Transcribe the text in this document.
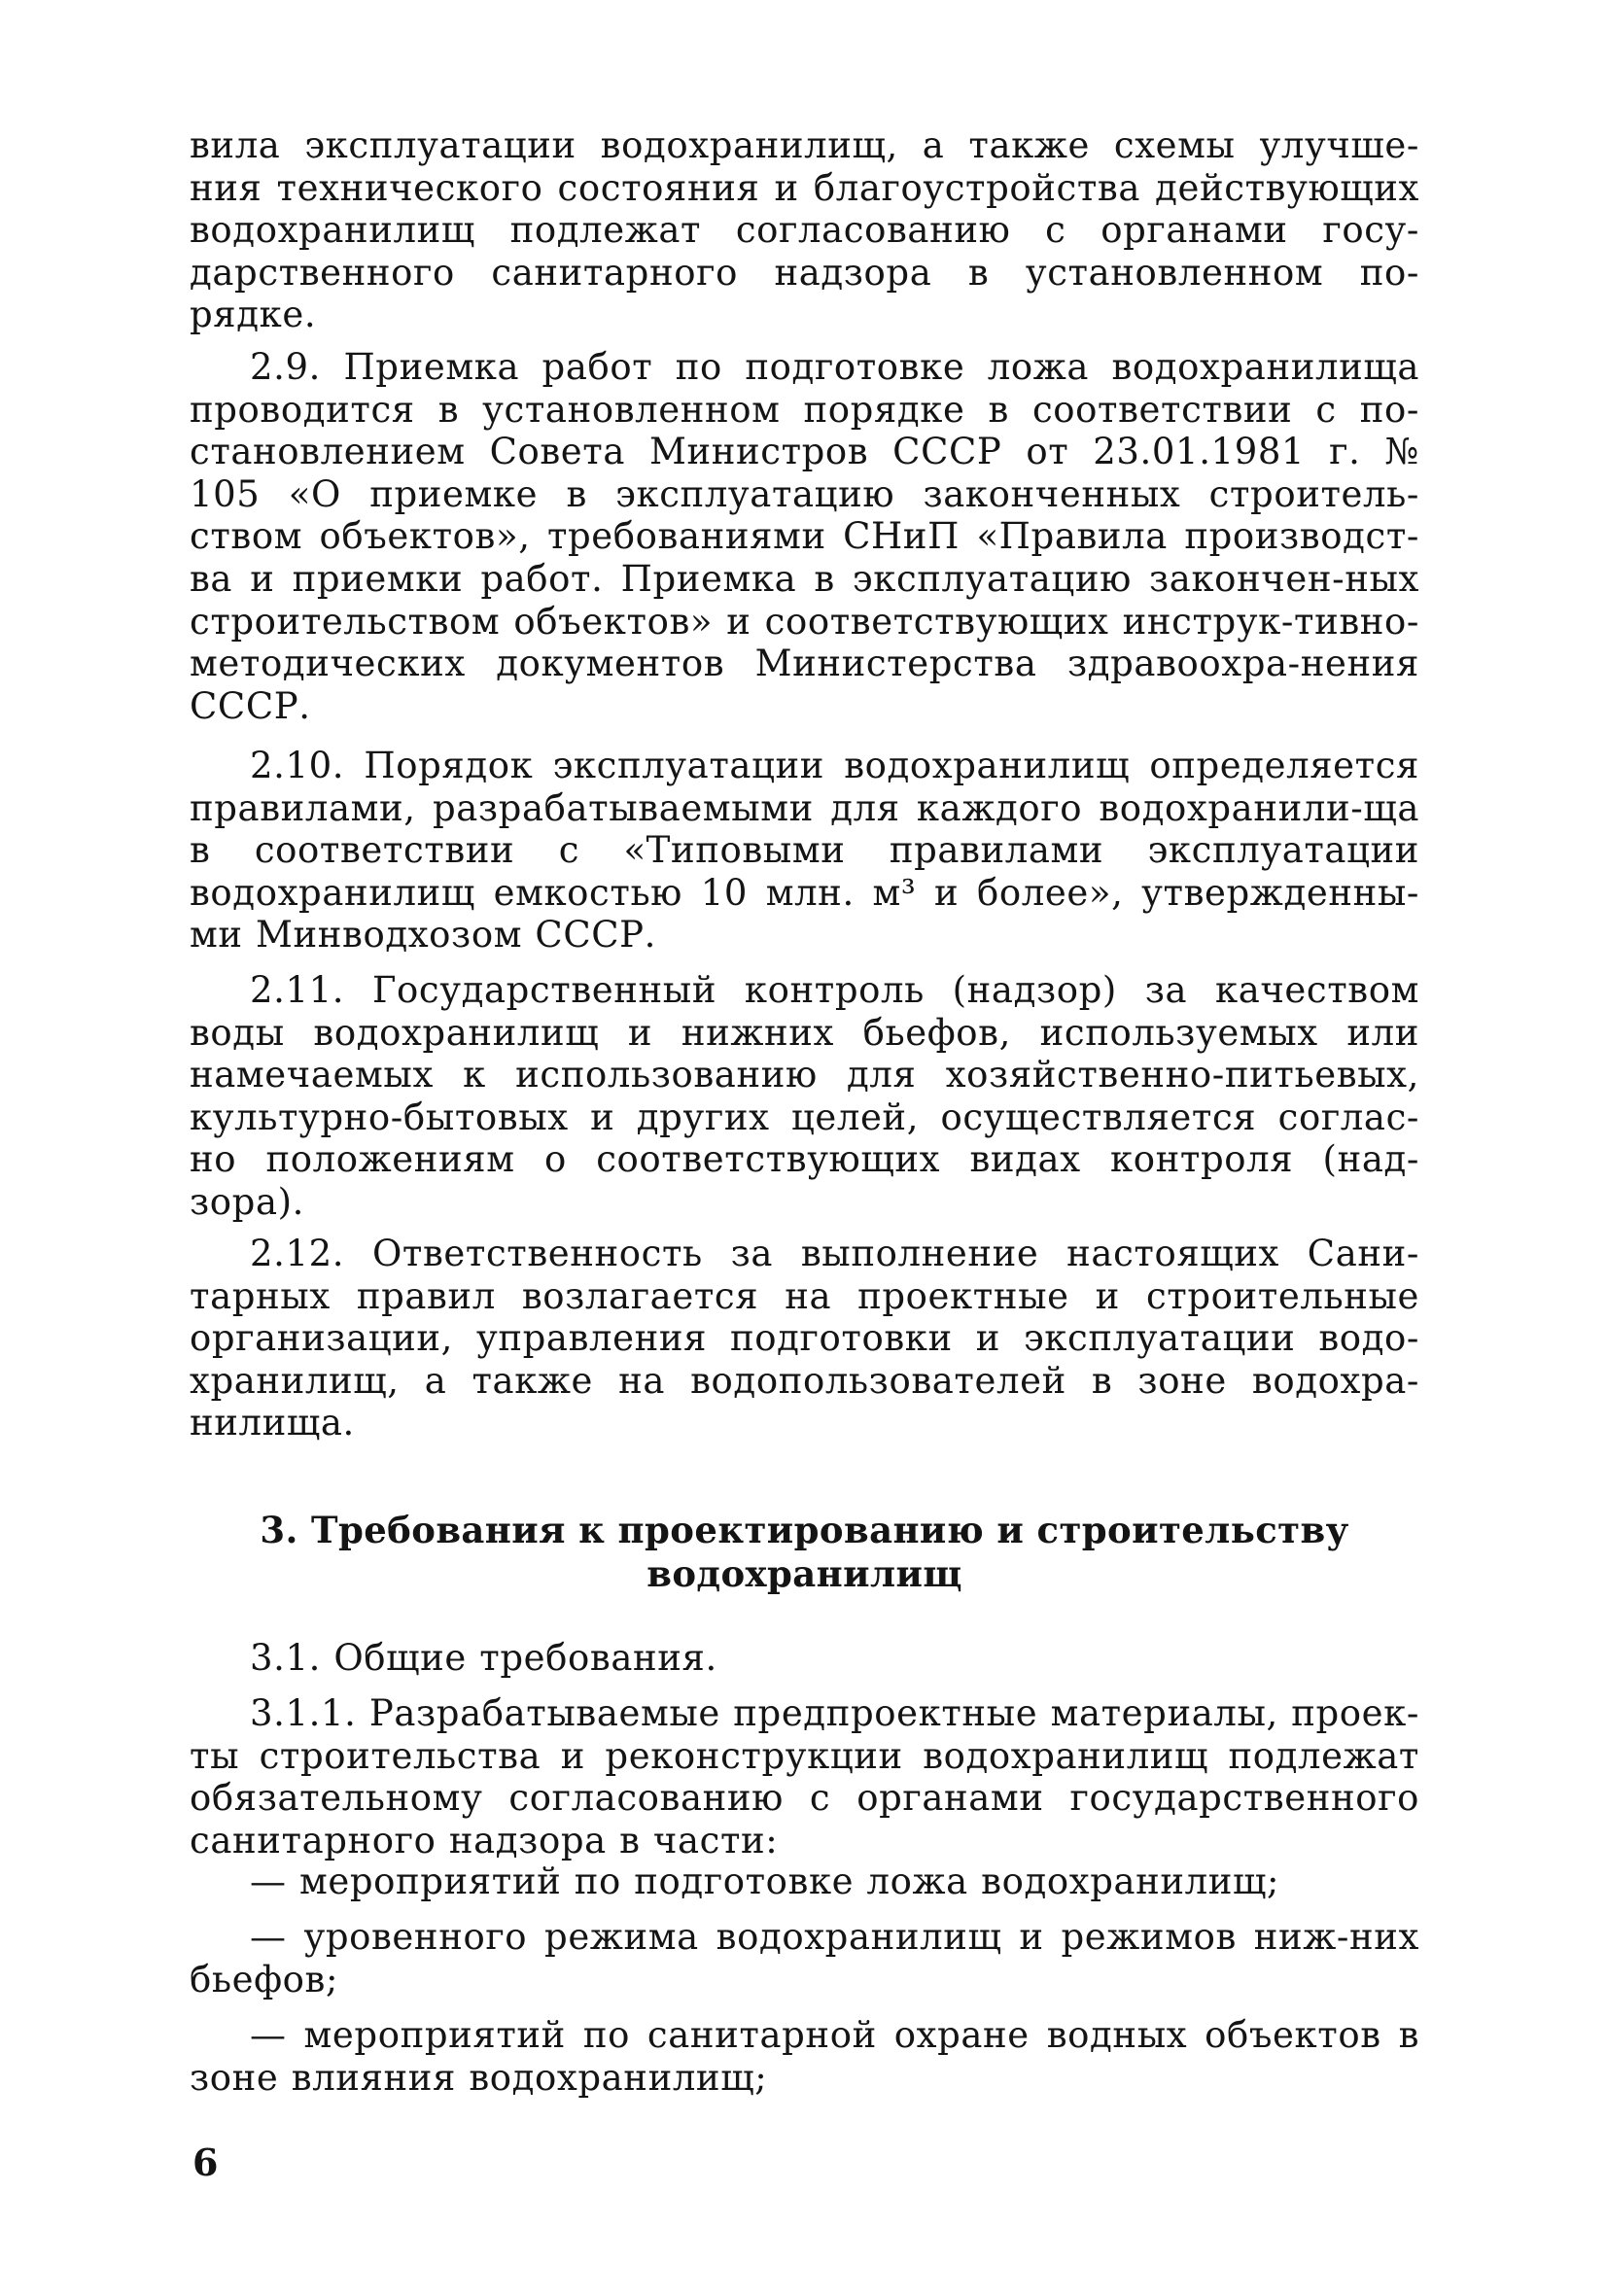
вила эксплуатации водохранилищ, а также схемы улучше-ния технического состояния и благоустройства действующих водохранилищ подлежат согласованию с органами госу-дарственного санитарного надзора в установленном по-рядке.

2.9. Приемка работ по подготовке ложа водохранилища проводится в установленном порядке в соответствии с по-становлением Совета Министров СССР от 23.01.1981 г. № 105 «О приемке в эксплуатацию законченных строитель-ством объектов», требованиями СНиП «Правила производст-ва и приемки работ. Приемка в эксплуатацию закончен-ных строительством объектов» и соответствующих инструк-тивно-методических документов Министерства здравоохра-нения СССР.

2.10. Порядок эксплуатации водохранилищ определяется правилами, разрабатываемыми для каждого водохранили-ща в соответствии с «Типовыми правилами эксплуатации водохранилищ емкостью 10 млн. м³ и более», утвержденны-ми Минводхозом СССР.

2.11. Государственный контроль (надзор) за качеством воды водохранилищ и нижних бьефов, используемых или намечаемых к использованию для хозяйственно-питьевых, культурно-бытовых и других целей, осуществляется соглас-но положениям о соответствующих видах контроля (над-зора).

2.12. Ответственность за выполнение настоящих Сани-тарных правил возлагается на проектные и строительные организации, управления подготовки и эксплуатации водо-хранилищ, а также на водопользователей в зоне водохра-нилища.

3. Требования к проектированию и строительству водохранилищ

3.1. Общие требования.

3.1.1. Разрабатываемые предпроектные материалы, проек-ты строительства и реконструкции водохранилищ подлежат обязательному согласованию с органами государственного санитарного надзора в части:

— мероприятий по подготовке ложа водохранилищ;

— уровенного режима водохранилищ и режимов ниж-них бьефов;

— мероприятий по санитарной охране водных объектов в зоне влияния водохранилищ;

6
